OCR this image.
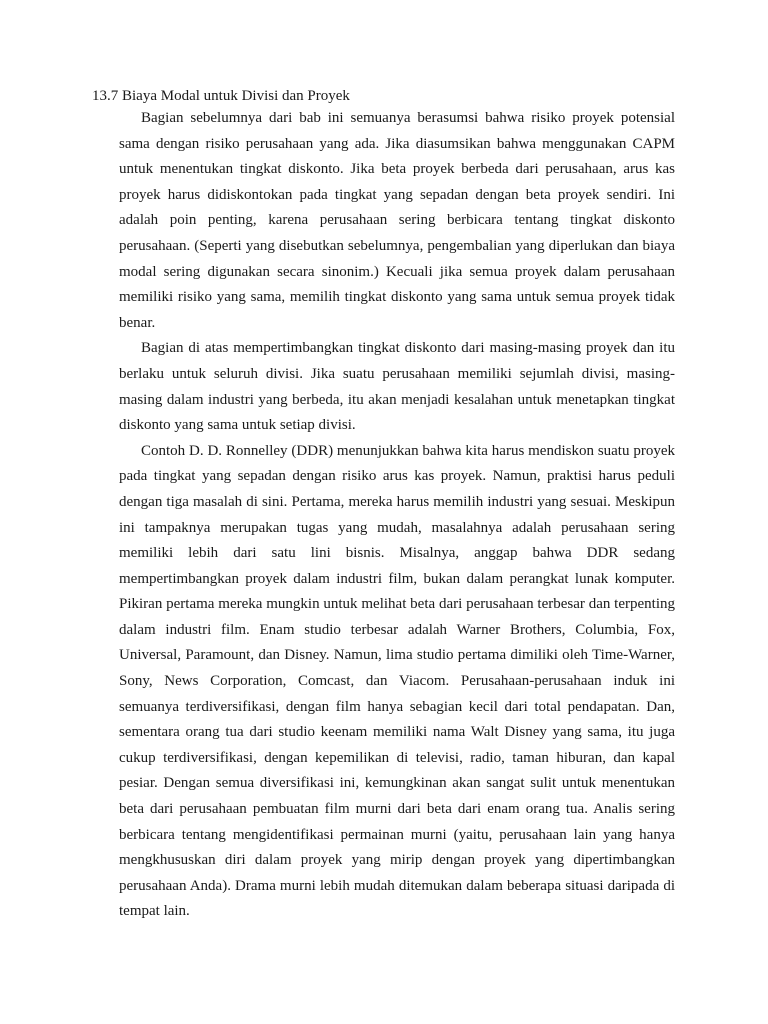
13.7 Biaya Modal untuk Divisi dan Proyek

Bagian sebelumnya dari bab ini semuanya berasumsi bahwa risiko proyek potensial sama dengan risiko perusahaan yang ada. Jika diasumsikan bahwa menggunakan CAPM untuk menentukan tingkat diskonto. Jika beta proyek berbeda dari perusahaan, arus kas proyek harus didiskontokan pada tingkat yang sepadan dengan beta proyek sendiri. Ini adalah poin penting, karena perusahaan sering berbicara tentang tingkat diskonto perusahaan. (Seperti yang disebutkan sebelumnya, pengembalian yang diperlukan dan biaya modal sering digunakan secara sinonim.) Kecuali jika semua proyek dalam perusahaan memiliki risiko yang sama, memilih tingkat diskonto yang sama untuk semua proyek tidak benar.

Bagian di atas mempertimbangkan tingkat diskonto dari masing-masing proyek dan itu berlaku untuk seluruh divisi. Jika suatu perusahaan memiliki sejumlah divisi, masing-masing dalam industri yang berbeda, itu akan menjadi kesalahan untuk menetapkan tingkat diskonto yang sama untuk setiap divisi.

Contoh D. D. Ronnelley (DDR) menunjukkan bahwa kita harus mendiskon suatu proyek pada tingkat yang sepadan dengan risiko arus kas proyek. Namun, praktisi harus peduli dengan tiga masalah di sini. Pertama, mereka harus memilih industri yang sesuai. Meskipun ini tampaknya merupakan tugas yang mudah, masalahnya adalah perusahaan sering memiliki lebih dari satu lini bisnis. Misalnya, anggap bahwa DDR sedang mempertimbangkan proyek dalam industri film, bukan dalam perangkat lunak komputer. Pikiran pertama mereka mungkin untuk melihat beta dari perusahaan terbesar dan terpenting dalam industri film. Enam studio terbesar adalah Warner Brothers, Columbia, Fox, Universal, Paramount, dan Disney. Namun, lima studio pertama dimiliki oleh Time-Warner, Sony, News Corporation, Comcast, dan Viacom. Perusahaan-perusahaan induk ini semuanya terdiversifikasi, dengan film hanya sebagian kecil dari total pendapatan. Dan, sementara orang tua dari studio keenam memiliki nama Walt Disney yang sama, itu juga cukup terdiversifikasi, dengan kepemilikan di televisi, radio, taman hiburan, dan kapal pesiar. Dengan semua diversifikasi ini, kemungkinan akan sangat sulit untuk menentukan beta dari perusahaan pembuatan film murni dari beta dari enam orang tua. Analis sering berbicara tentang mengidentifikasi permainan murni (yaitu, perusahaan lain yang hanya mengkhususkan diri dalam proyek yang mirip dengan proyek yang dipertimbangkan perusahaan Anda). Drama murni lebih mudah ditemukan dalam beberapa situasi daripada di tempat lain.
